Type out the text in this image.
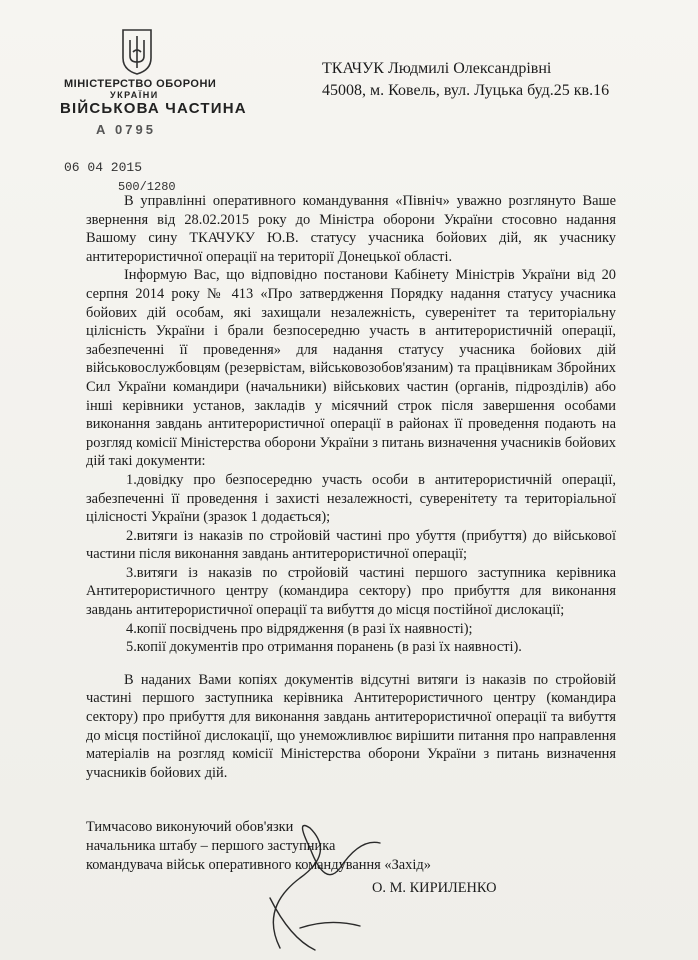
МІНІСТЕРСТВО ОБОРОНИ
УКРАЇНИ
ВІЙСЬКОВА ЧАСТИНА
А 0795
06 04 2015
500/1280
ТКАЧУК Людмилі Олександрівні
45008, м. Ковель, вул. Луцька буд.25 кв.16

В управлінні оперативного командування «Північ» уважно розглянуто Ваше звернення від 28.02.2015 року до Міністра оборони України стосовно надання Вашому сину ТКАЧУКУ Ю.В. статусу учасника бойових дій, як учаснику антитерористичної операції на території Донецької області.

Інформую Вас, що відповідно постанови Кабінету Міністрів України від 20 серпня 2014 року № 413 «Про затвердження Порядку надання статусу учасника бойових дій особам, які захищали незалежність, суверенітет та територіальну цілісність України і брали безпосередню участь в антитерористичній операції, забезпеченні її проведення» для надання статусу учасника бойових дій військовослужбовцям (резервістам, військовозобов'язаним) та працівникам Збройних Сил України командири (начальники) військових частин (органів, підрозділів) або інші керівники установ, закладів у місячний строк після завершення особами виконання завдань антитерористичної операції в районах її проведення подають на розгляд комісії Міністерства оборони України з питань визначення учасників бойових дій такі документи:

1.довідку про безпосередню участь особи в антитерористичній операції, забезпеченні її проведення і захисті незалежності, суверенітету та територіальної цілісності України (зразок 1 додається);

2.витяги із наказів по стройовій частині про убуття (прибуття) до військової частини після виконання завдань антитерористичної операції;

3.витяги із наказів по стройовій частині першого заступника керівника Антитерористичного центру (командира сектору) про прибуття для виконання завдань антитерористичної операції та вибуття до місця постійної дислокації;

4.копії посвідчень про відрядження (в разі їх наявності);

5.копії документів про отримання поранень (в разі їх наявності).

В наданих Вами копіях документів відсутні витяги із наказів по стройовій частині першого заступника керівника Антитерористичного центру (командира сектору) про прибуття для виконання завдань антитерористичної операції та вибуття до місця постійної дислокації, що унеможливлює вирішити питання про направлення матеріалів на розгляд комісії Міністерства оборони України з питань визначення учасників бойових дій.

Тимчасово виконуючий обов'язки
начальника штабу – першого заступника
командувача військ оперативного командування «Захід»
О. М. КИРИЛЕНКО
